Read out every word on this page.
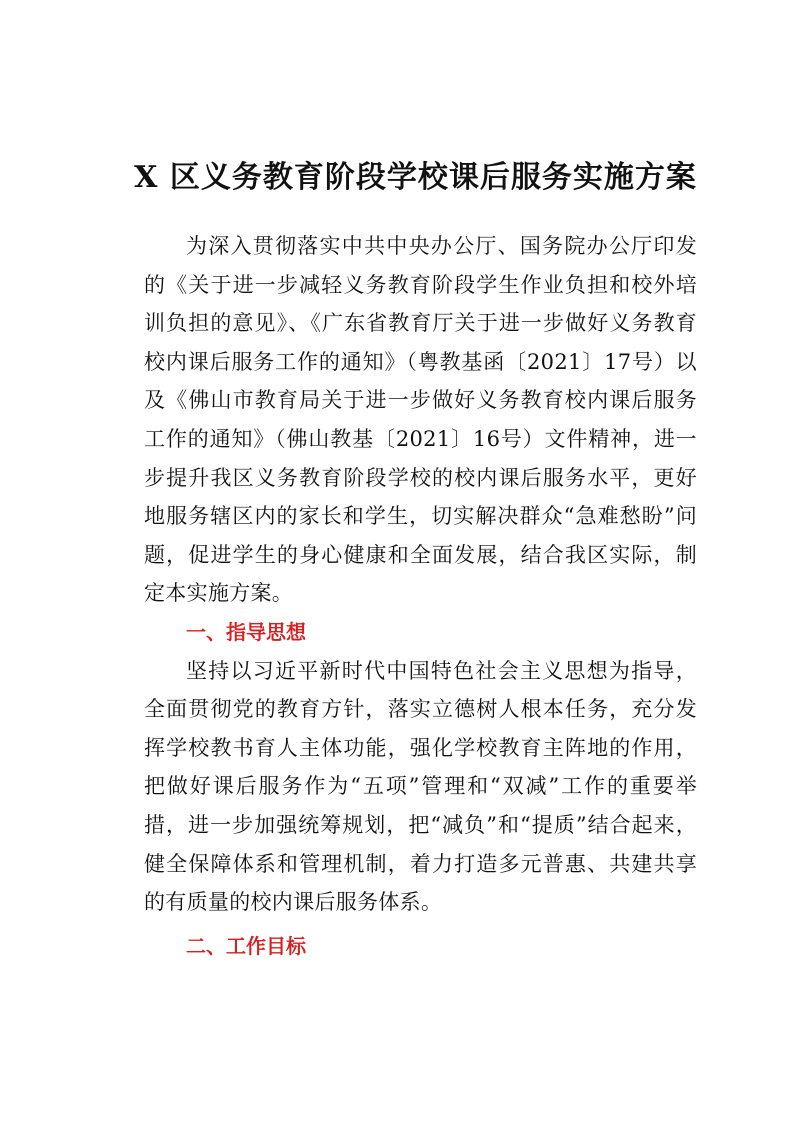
X 区义务教育阶段学校课后服务实施方案

为深入贯彻落实中共中央办公厅、国务院办公厅印发的《关于进一步减轻义务教育阶段学生作业负担和校外培训负担的意见》、《广东省教育厅关于进一步做好义务教育校内课后服务工作的通知》（粤教基函〔2021〕17号）以及《佛山市教育局关于进一步做好义务教育校内课后服务工作的通知》（佛山教基〔2021〕16号）文件精神，进一步提升我区义务教育阶段学校的校内课后服务水平，更好地服务辖区内的家长和学生，切实解决群众“急难愁盼”问题，促进学生的身心健康和全面发展，结合我区实际，制定本实施方案。

一、指导思想

坚持以习近平新时代中国特色社会主义思想为指导，全面贯彻党的教育方针，落实立德树人根本任务，充分发挥学校教书育人主体功能，强化学校教育主阵地的作用，把做好课后服务作为“五项”管理和“双减”工作的重要举措，进一步加强统筹规划，把“减负”和“提质”结合起来，健全保障体系和管理机制，着力打造多元普惠、共建共享的有质量的校内课后服务体系。

二、工作目标
